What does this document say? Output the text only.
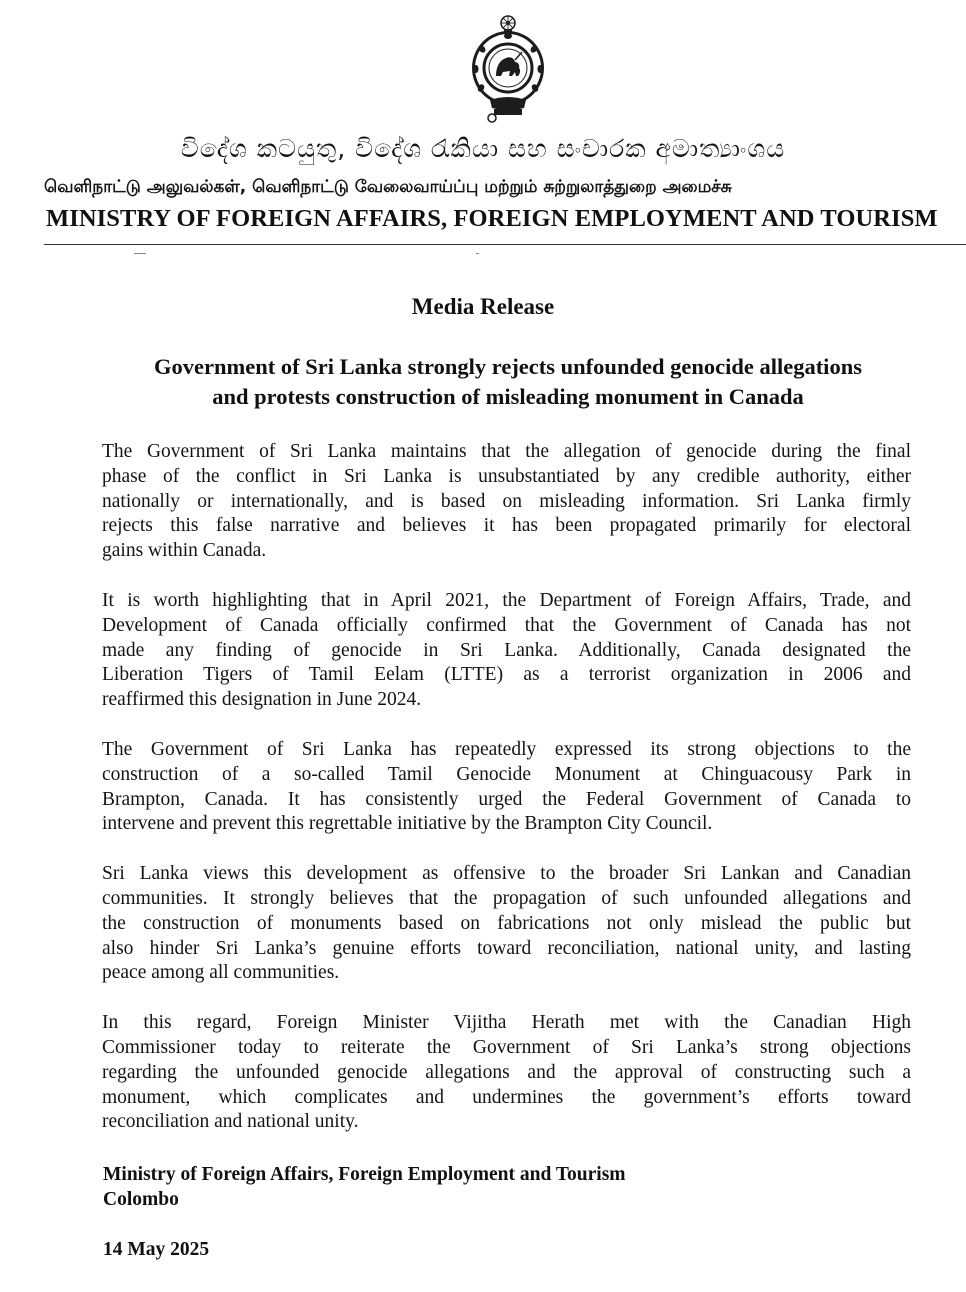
විදේශ කටයුතු, විදේශ රැකියා සහ සංචාරක අමාත්‍යාංශය
வெளிநாட்டு அலுவல்கள், வெளிநாட்டு வேலைவாய்ப்பு மற்றும் சுற்றுலாத்துறை அமைச்சு
MINISTRY OF FOREIGN AFFAIRS, FOREIGN EMPLOYMENT AND TOURISM
Media Release
Government of Sri Lanka strongly rejects unfounded genocide allegations
and protests construction of misleading monument in Canada
The Government of Sri Lanka maintains that the allegation of genocide during the final
phase of the conflict in Sri Lanka is unsubstantiated by any credible authority, either
nationally or internationally, and is based on misleading information. Sri Lanka firmly
rejects this false narrative and believes it has been propagated primarily for electoral
gains within Canada.
It is worth highlighting that in April 2021, the Department of Foreign Affairs, Trade, and
Development of Canada officially confirmed that the Government of Canada has not
made any finding of genocide in Sri Lanka. Additionally, Canada designated the
Liberation Tigers of Tamil Eelam (LTTE) as a terrorist organization in 2006 and
reaffirmed this designation in June 2024.
The Government of Sri Lanka has repeatedly expressed its strong objections to the
construction of a so-called Tamil Genocide Monument at Chinguacousy Park in
Brampton, Canada. It has consistently urged the Federal Government of Canada to
intervene and prevent this regrettable initiative by the Brampton City Council.
Sri Lanka views this development as offensive to the broader Sri Lankan and Canadian
communities. It strongly believes that the propagation of such unfounded allegations and
the construction of monuments based on fabrications not only mislead the public but
also hinder Sri Lanka’s genuine efforts toward reconciliation, national unity, and lasting
peace among all communities.
In this regard, Foreign Minister Vijitha Herath met with the Canadian High
Commissioner today to reiterate the Government of Sri Lanka’s strong objections
regarding the unfounded genocide allegations and the approval of constructing such a
monument, which complicates and undermines the government’s efforts toward
reconciliation and national unity.
Ministry of Foreign Affairs, Foreign Employment and Tourism
Colombo
14 May 2025
